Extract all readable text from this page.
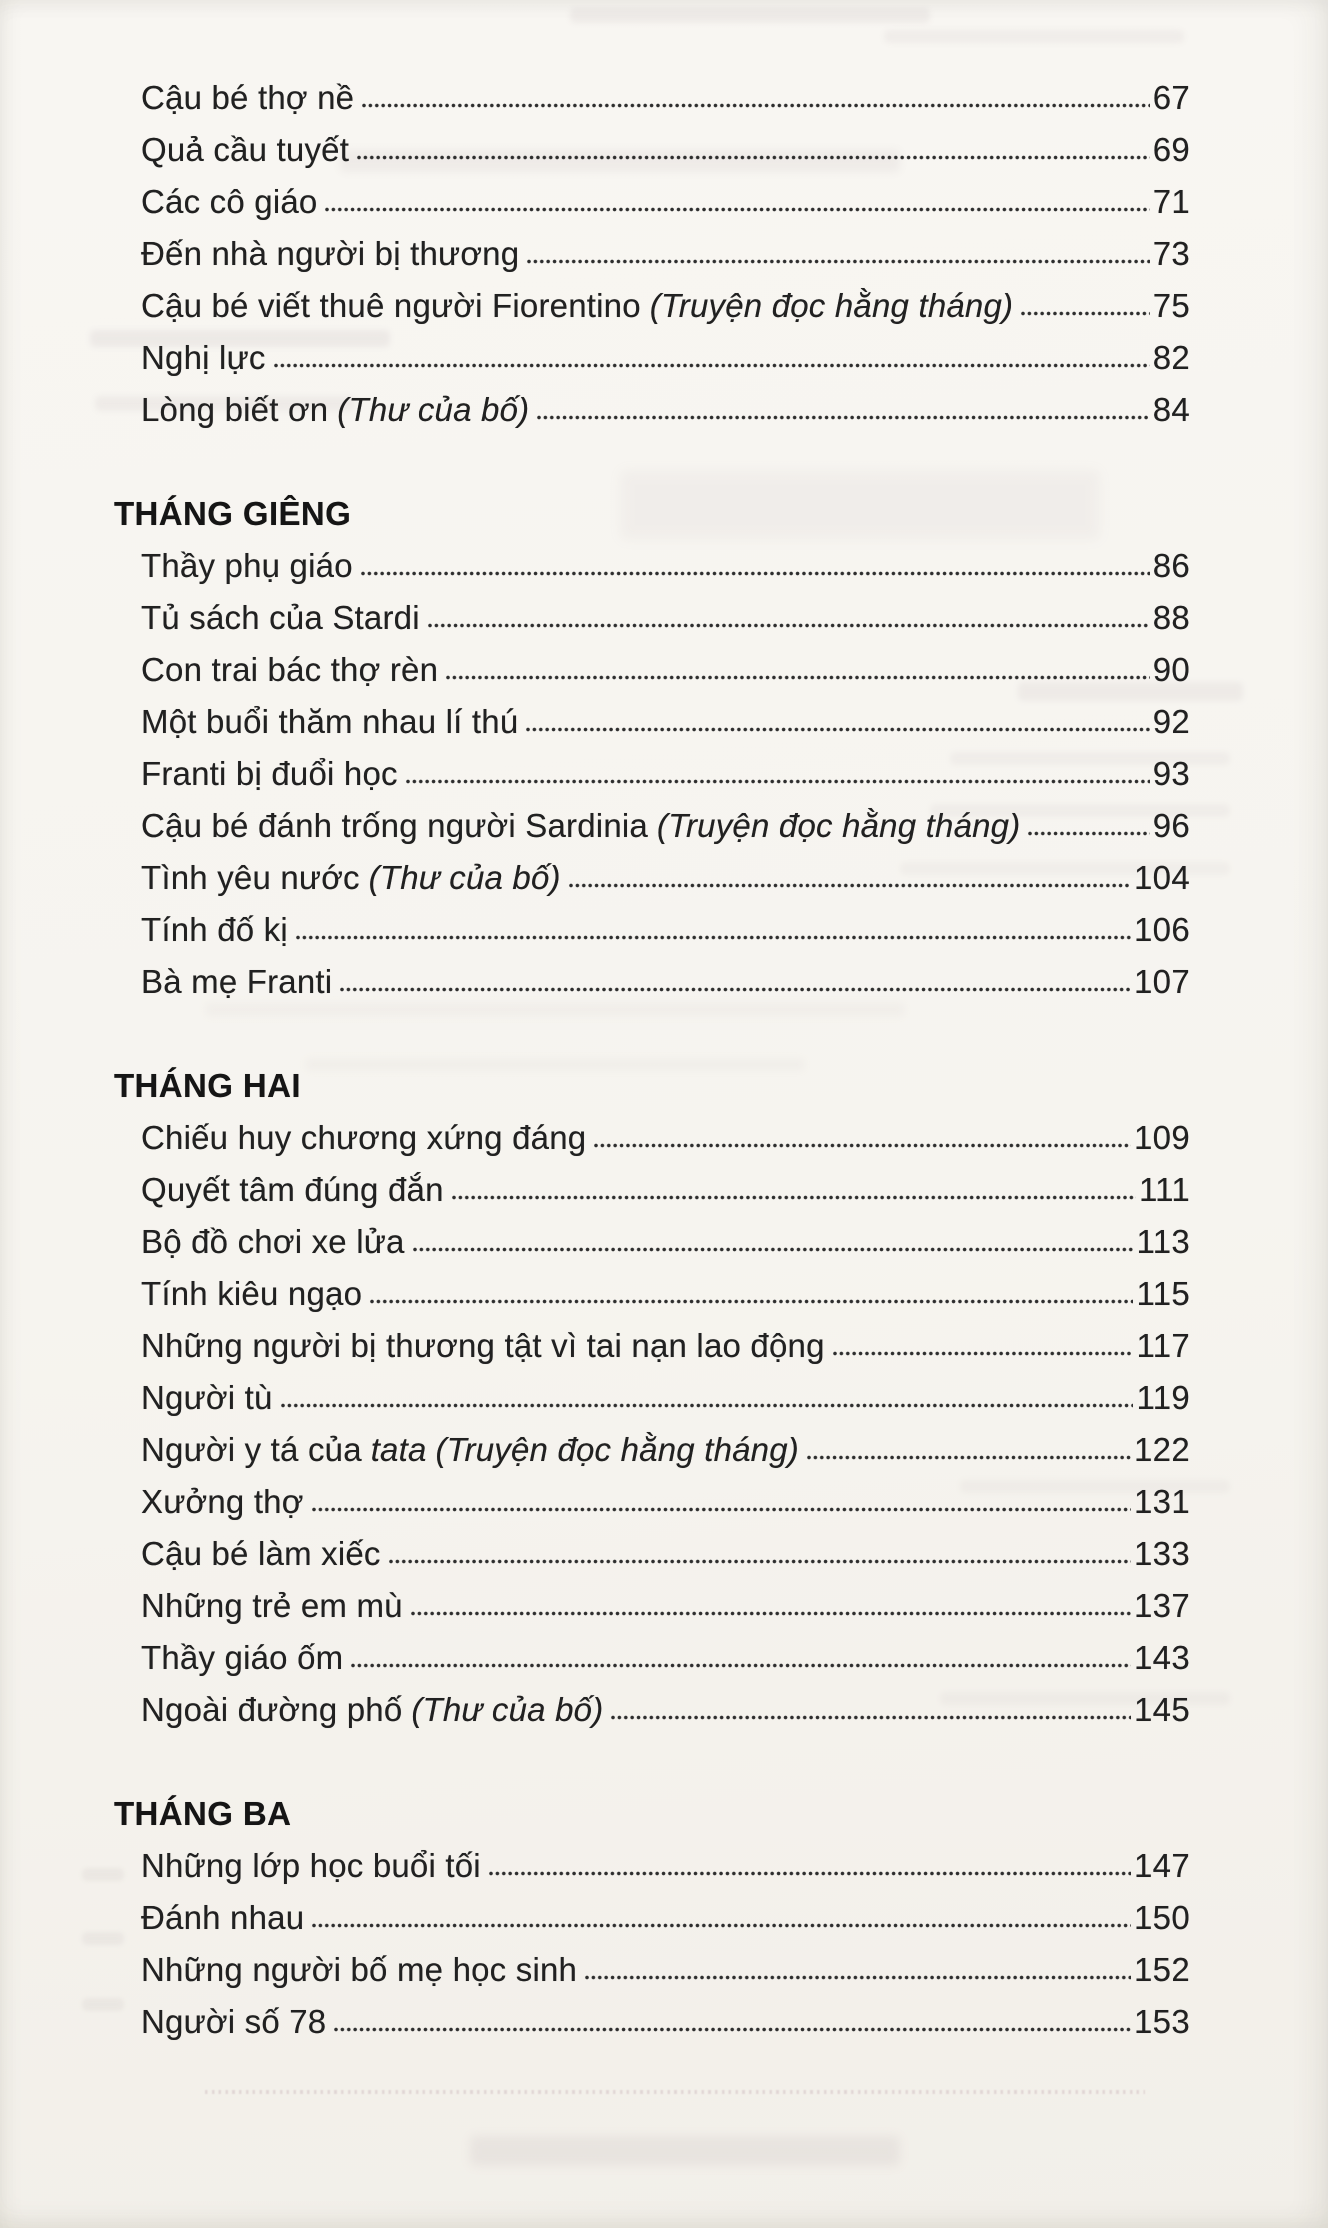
Cậu bé thợ nề	67
Quả cầu tuyết	69
Các cô giáo	71
Đến nhà người bị thương	73
Cậu bé viết thuê người Fiorentino (Truyện đọc hằng tháng)	75
Nghị lực	82
Lòng biết ơn (Thư của bố)	84
THÁNG GIÊNG
Thầy phụ giáo	86
Tủ sách của Stardi	88
Con trai bác thợ rèn	90
Một buổi thăm nhau lí thú	92
Franti bị đuổi học	93
Cậu bé đánh trống người Sardinia (Truyện đọc hằng tháng)	96
Tình yêu nước (Thư của bố)	104
Tính đố kị	106
Bà mẹ Franti	107
THÁNG HAI
Chiếu huy chương xứng đáng	109
Quyết tâm đúng đắn	111
Bộ đồ chơi xe lửa	113
Tính kiêu ngạo	115
Những người bị thương tật vì tai nạn lao động	117
Người tù	119
Người y tá của tata (Truyện đọc hằng tháng)	122
Xưởng thợ	131
Cậu bé làm xiếc	133
Những trẻ em mù	137
Thầy giáo ốm	143
Ngoài đường phố (Thư của bố)	145
THÁNG BA
Những lớp học buổi tối	147
Đánh nhau	150
Những người bố mẹ học sinh	152
Người số 78	153
